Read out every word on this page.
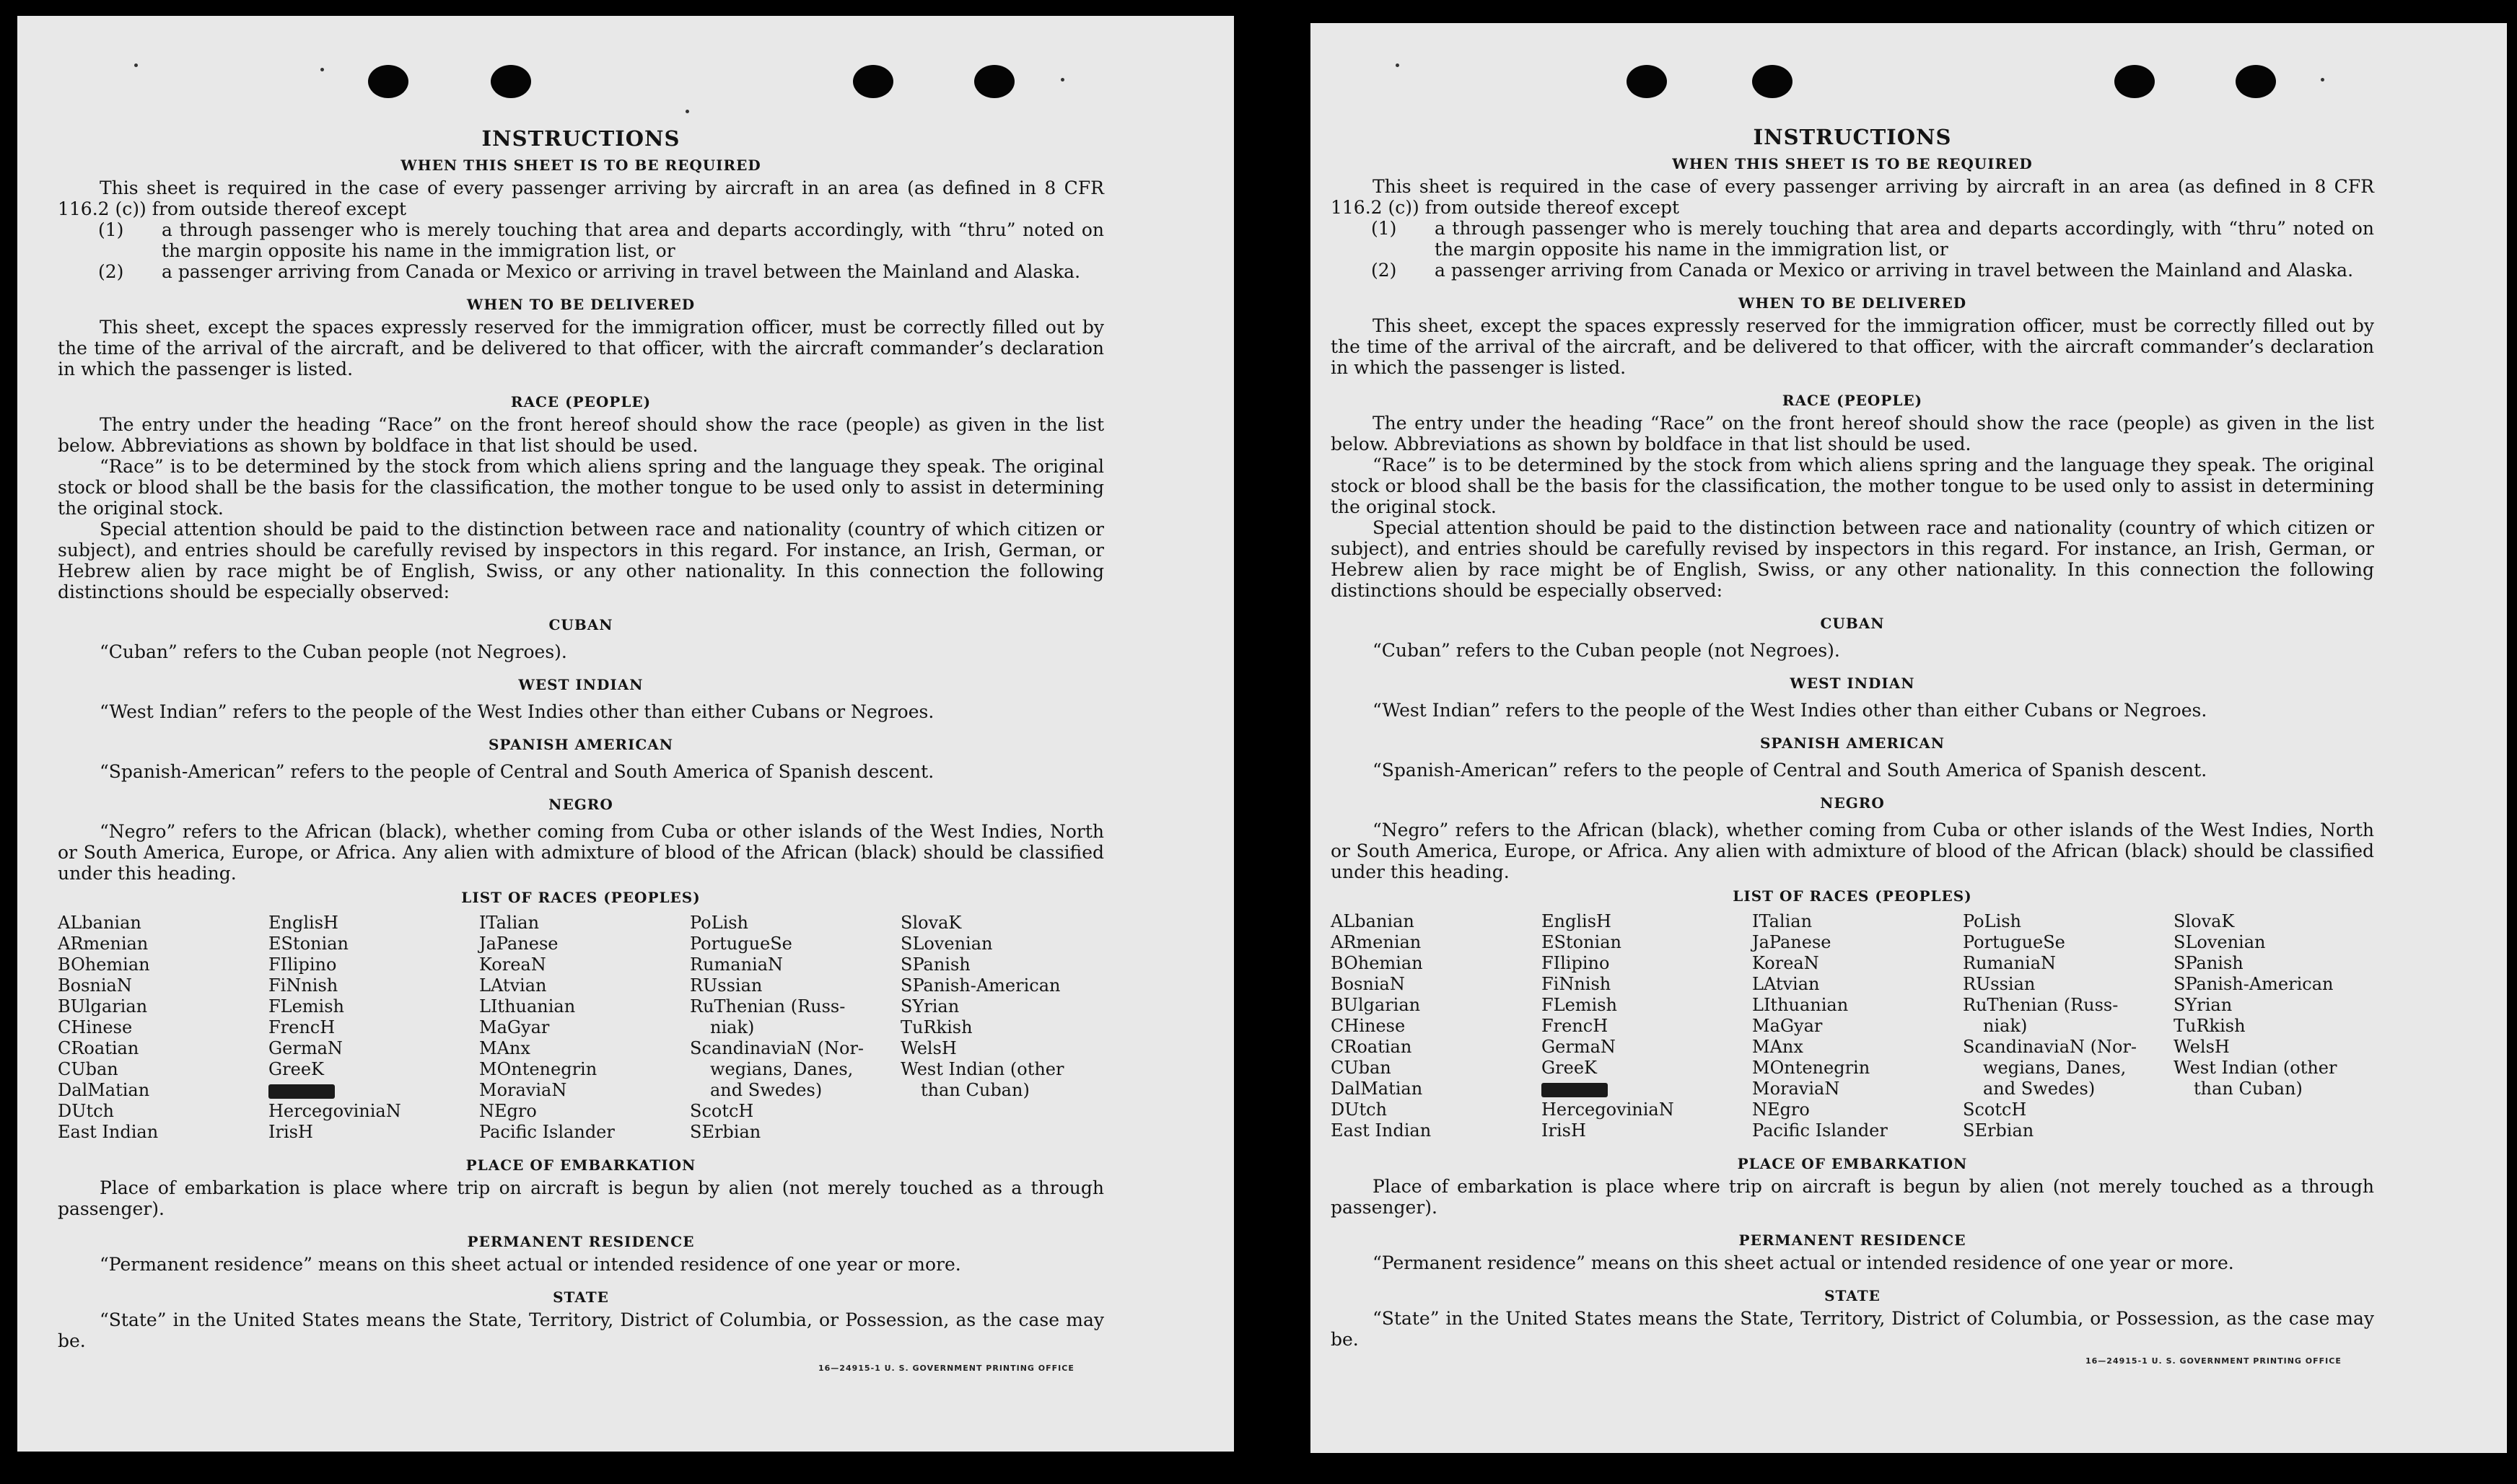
INSTRUCTIONS
WHEN THIS SHEET IS TO BE REQUIRED

This sheet is required in the case of every passenger arriving by aircraft in an area (as defined in 8 CFR 116.2 (c)) from outside thereof except

(1)	a through passenger who is merely touching that area and departs accordingly, with “thru” noted on the margin opposite his name in the immigration list, or
(2)	a passenger arriving from Canada or Mexico or arriving in travel between the Mainland and Alaska.
WHEN TO BE DELIVERED

This sheet, except the spaces expressly reserved for the immigration officer, must be correctly filled out by the time of the arrival of the aircraft, and be delivered to that officer, with the aircraft commander’s declaration in which the passenger is listed.

RACE (PEOPLE)

The entry under the heading “Race” on the front hereof should show the race (people) as given in the list below. Abbreviations as shown by boldface in that list should be used.

“Race” is to be determined by the stock from which aliens spring and the language they speak. The original stock or blood shall be the basis for the classification, the mother tongue to be used only to assist in determining the original stock.

Special attention should be paid to the distinction between race and nationality (country of which citizen or subject), and entries should be carefully revised by inspectors in this regard. For instance, an Irish, German, or Hebrew alien by race might be of English, Swiss, or any other nationality. In this connection the following distinctions should be especially observed:

CUBAN

“Cuban” refers to the Cuban people (not Negroes).

WEST INDIAN

“West Indian” refers to the people of the West Indies other than either Cubans or Negroes.

SPANISH AMERICAN

“Spanish-American” refers to the people of Central and South America of Spanish descent.

NEGRO

“Negro” refers to the African (black), whether coming from Cuba or other islands of the West Indies, North or South America, Europe, or Africa. Any alien with admixture of blood of the African (black) should be classified under this heading.

LIST OF RACES (PEOPLES)
ALbanian
ARmenian
BOhemian
BosniaN
BUlgarian
CHinese
CRoatian
CUban
DalMatian
DUtch
East Indian
EnglisH
EStonian
FIlipino
FiNnish
FLemish
FrencH
GermaN
GreeK
HercegoviniaN
IrisH
ITalian
JaPanese
KoreaN
LAtvian
LIthuanian
MaGyar
MAnx
MOntenegrin
MoraviaN
NEgro
Pacific Islander
PoLish
PortugueSe
RumaniaN
RUssian
RuThenian (Russ-
niak)
ScandinaviaN (Nor-
wegians, Danes,
and Swedes)
ScotcH
SErbian
SlovaK
SLovenian
SPanish
SPanish-American
SYrian
TuRkish
WelsH
West Indian (other
than Cuban)
PLACE OF EMBARKATION

Place of embarkation is place where trip on aircraft is begun by alien (not merely touched as a through passenger).

PERMANENT RESIDENCE

“Permanent residence” means on this sheet actual or intended residence of one year or more.

STATE

“State” in the United States means the State, Territory, District of Columbia, or Possession, as the case may be.

16—24915-1 U. S. GOVERNMENT PRINTING OFFICE
INSTRUCTIONS
WHEN THIS SHEET IS TO BE REQUIRED

This sheet is required in the case of every passenger arriving by aircraft in an area (as defined in 8 CFR 116.2 (c)) from outside thereof except

(1)	a through passenger who is merely touching that area and departs accordingly, with “thru” noted on the margin opposite his name in the immigration list, or
(2)	a passenger arriving from Canada or Mexico or arriving in travel between the Mainland and Alaska.
WHEN TO BE DELIVERED

This sheet, except the spaces expressly reserved for the immigration officer, must be correctly filled out by the time of the arrival of the aircraft, and be delivered to that officer, with the aircraft commander’s declaration in which the passenger is listed.

RACE (PEOPLE)

The entry under the heading “Race” on the front hereof should show the race (people) as given in the list below. Abbreviations as shown by boldface in that list should be used.

“Race” is to be determined by the stock from which aliens spring and the language they speak. The original stock or blood shall be the basis for the classification, the mother tongue to be used only to assist in determining the original stock.

Special attention should be paid to the distinction between race and nationality (country of which citizen or subject), and entries should be carefully revised by inspectors in this regard. For instance, an Irish, German, or Hebrew alien by race might be of English, Swiss, or any other nationality. In this connection the following distinctions should be especially observed:

CUBAN

“Cuban” refers to the Cuban people (not Negroes).

WEST INDIAN

“West Indian” refers to the people of the West Indies other than either Cubans or Negroes.

SPANISH AMERICAN

“Spanish-American” refers to the people of Central and South America of Spanish descent.

NEGRO

“Negro” refers to the African (black), whether coming from Cuba or other islands of the West Indies, North or South America, Europe, or Africa. Any alien with admixture of blood of the African (black) should be classified under this heading.

LIST OF RACES (PEOPLES)
ALbanian
ARmenian
BOhemian
BosniaN
BUlgarian
CHinese
CRoatian
CUban
DalMatian
DUtch
East Indian
EnglisH
EStonian
FIlipino
FiNnish
FLemish
FrencH
GermaN
GreeK
HercegoviniaN
IrisH
ITalian
JaPanese
KoreaN
LAtvian
LIthuanian
MaGyar
MAnx
MOntenegrin
MoraviaN
NEgro
Pacific Islander
PoLish
PortugueSe
RumaniaN
RUssian
RuThenian (Russ-
niak)
ScandinaviaN (Nor-
wegians, Danes,
and Swedes)
ScotcH
SErbian
SlovaK
SLovenian
SPanish
SPanish-American
SYrian
TuRkish
WelsH
West Indian (other
than Cuban)
PLACE OF EMBARKATION

Place of embarkation is place where trip on aircraft is begun by alien (not merely touched as a through passenger).

PERMANENT RESIDENCE

“Permanent residence” means on this sheet actual or intended residence of one year or more.

STATE

“State” in the United States means the State, Territory, District of Columbia, or Possession, as the case may be.

16—24915-1 U. S. GOVERNMENT PRINTING OFFICE
